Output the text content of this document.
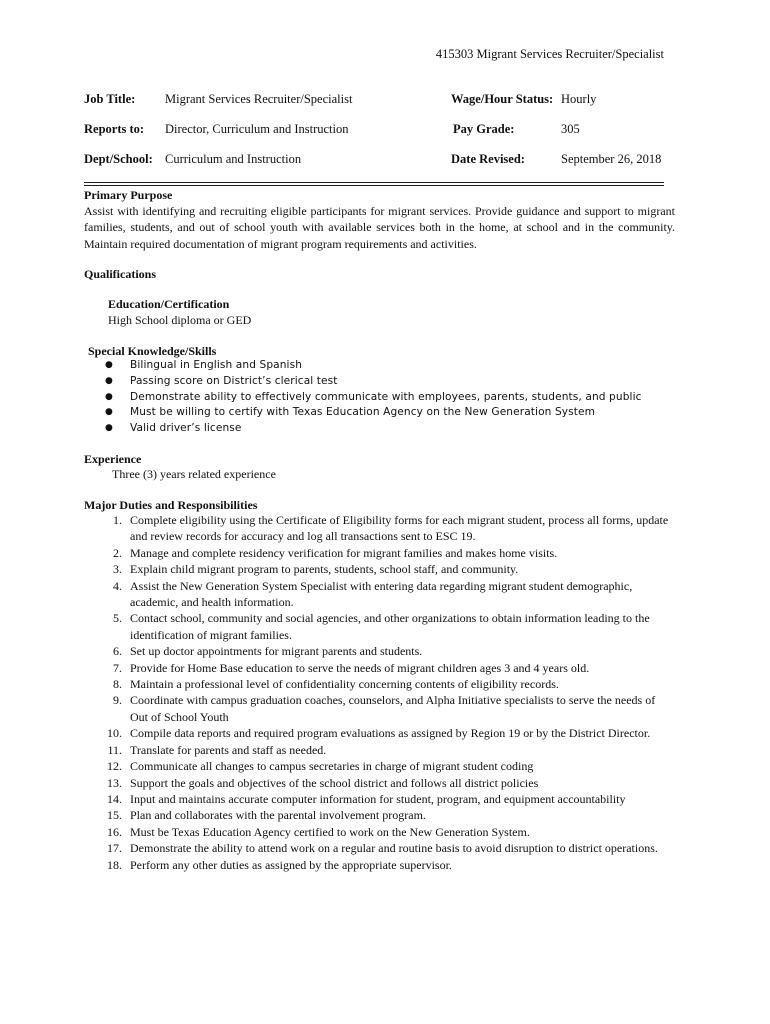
415303 Migrant Services Recruiter/Specialist
Job Title: Migrant Services Recruiter/Specialist	Wage/Hour Status: Hourly
Reports to: Director, Curriculum and Instruction	Pay Grade:	305
Dept/School: Curriculum and Instruction	Date Revised:	September 26, 2018
Primary Purpose
Assist with identifying and recruiting eligible participants for migrant services. Provide guidance and support to migrant families, students, and out of school youth with available services both in the home, at school and in the community. Maintain required documentation of migrant program requirements and activities.
Qualifications
Education/Certification
High School diploma or GED
Special Knowledge/Skills
● Bilingual in English and Spanish
● Passing score on District’s clerical test
● Demonstrate ability to effectively communicate with employees, parents, students, and public
● Must be willing to certify with Texas Education Agency on the New Generation System
● Valid driver’s license
Experience
Three (3) years related experience
Major Duties and Responsibilities
1. Complete eligibility using the Certificate of Eligibility forms for each migrant student, process all forms, update and review records for accuracy and log all transactions sent to ESC 19.
2. Manage and complete residency verification for migrant families and makes home visits.
3. Explain child migrant program to parents, students, school staff, and community.
4. Assist the New Generation System Specialist with entering data regarding migrant student demographic, academic, and health information.
5. Contact school, community and social agencies, and other organizations to obtain information leading to the identification of migrant families.
6. Set up doctor appointments for migrant parents and students.
7. Provide for Home Base education to serve the needs of migrant children ages 3 and 4 years old.
8. Maintain a professional level of confidentiality concerning contents of eligibility records.
9. Coordinate with campus graduation coaches, counselors, and Alpha Initiative specialists to serve the needs of Out of School Youth
10. Compile data reports and required program evaluations as assigned by Region 19 or by the District Director.
11. Translate for parents and staff as needed.
12. Communicate all changes to campus secretaries in charge of migrant student coding
13. Support the goals and objectives of the school district and follows all district policies
14. Input and maintains accurate computer information for student, program, and equipment accountability
15. Plan and collaborates with the parental involvement program.
16. Must be Texas Education Agency certified to work on the New Generation System.
17. Demonstrate the ability to attend work on a regular and routine basis to avoid disruption to district operations.
18. Perform any other duties as assigned by the appropriate supervisor.
